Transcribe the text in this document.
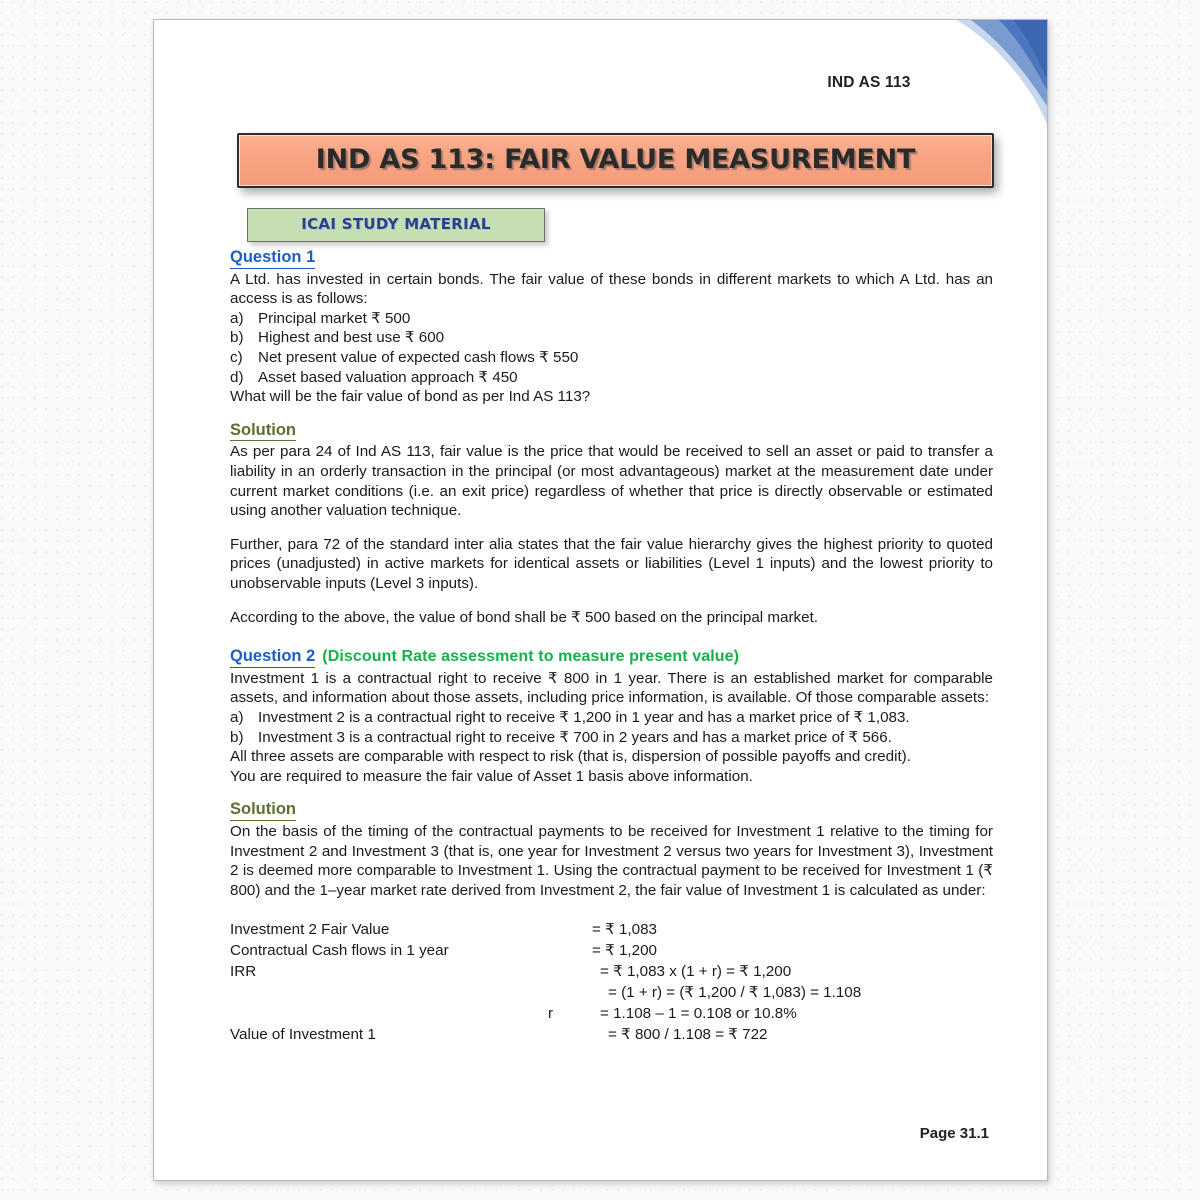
IND AS 113
IND AS 113: FAIR VALUE MEASUREMENT
ICAI STUDY MATERIAL
Question 1

A Ltd. has invested in certain bonds. The fair value of these bonds in different markets to which A Ltd. has an access is as follows:

a) Principal market ₹ 500
b) Highest and best use ₹ 600
c) Net present value of expected cash flows ₹ 550
d) Asset based valuation approach ₹ 450

What will be the fair value of bond as per Ind AS 113?

Solution

As per para 24 of Ind AS 113, fair value is the price that would be received to sell an asset or paid to transfer a liability in an orderly transaction in the principal (or most advantageous) market at the measurement date under current market conditions (i.e. an exit price) regardless of whether that price is directly observable or estimated using another valuation technique.

Further, para 72 of the standard inter alia states that the fair value hierarchy gives the highest priority to quoted prices (unadjusted) in active markets for identical assets or liabilities (Level 1 inputs) and the lowest priority to unobservable inputs (Level 3 inputs).

According to the above, the value of bond shall be ₹ 500 based on the principal market.

Question 2 (Discount Rate assessment to measure present value)

Investment 1 is a contractual right to receive ₹ 800 in 1 year. There is an established market for comparable assets, and information about those assets, including price information, is available. Of those comparable assets:

a) Investment 2 is a contractual right to receive ₹ 1,200 in 1 year and has a market price of ₹ 1,083.
b) Investment 3 is a contractual right to receive ₹ 700 in 2 years and has a market price of ₹ 566.

All three assets are comparable with respect to risk (that is, dispersion of possible payoffs and credit).

You are required to measure the fair value of Asset 1 basis above information.

Solution

On the basis of the timing of the contractual payments to be received for Investment 1 relative to the timing for Investment 2 and Investment 3 (that is, one year for Investment 2 versus two years for Investment 3), Investment 2 is deemed more comparable to Investment 1. Using the contractual payment to be received for Investment 1 (₹ 800) and the 1–year market rate derived from Investment 2, the fair value of Investment 1 is calculated as under:

Investment 2 Fair Value		= ₹ 1,083
Contractual Cash flows in 1 year		= ₹ 1,200
IRR		= ₹ 1,083 x (1 + r) = ₹ 1,200
		= (1 + r) = (₹ 1,200 / ₹ 1,083) = 1.108
	r	= 1.108 – 1 = 0.108 or 10.8%
Value of Investment 1		= ₹ 800 / 1.108 = ₹ 722
Page 31.1
